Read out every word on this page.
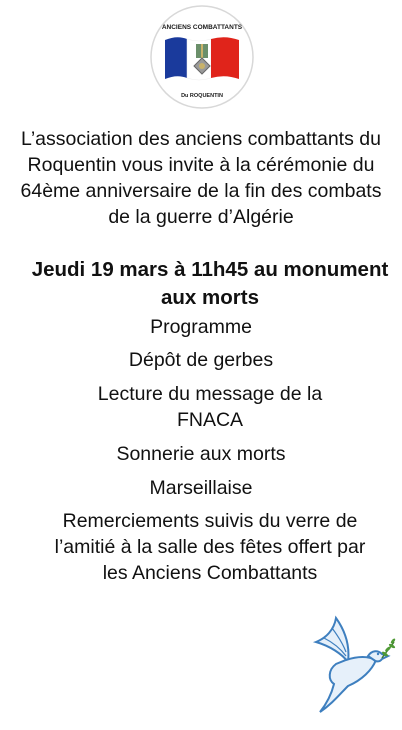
ANCIENS COMBATTANTS
Du ROQUENTIN

L’association des anciens combattants du Roquentin vous invite à la cérémonie du 64ème anniversaire de la fin des combats de la guerre d’Algérie

Jeudi 19 mars à 11h45 au monument aux morts

Programme

Dépôt de gerbes

Lecture du message de la FNACA

Sonnerie aux morts

Marseillaise

Remerciements suivis du verre de l’amitié à la salle des fêtes offert par les Anciens Combattants
